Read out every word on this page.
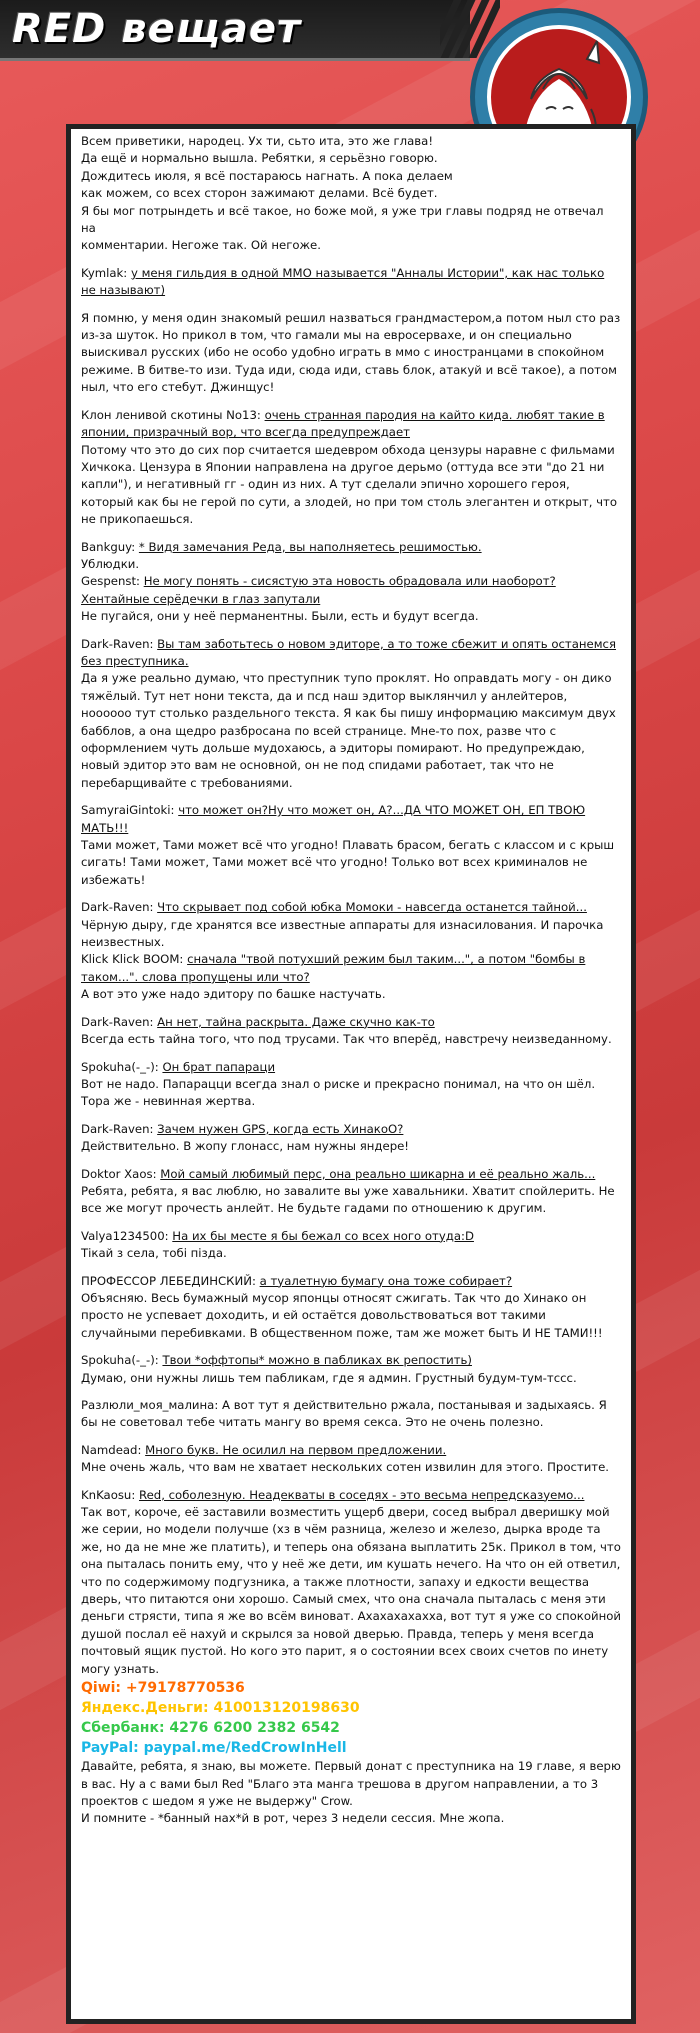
RED вещает

Всем приветики, народец. Ух ти, сьто ита, это же глава!
Да ещё и нормально вышла. Ребятки, я серьёзно говорю.
Дождитесь июля, я всё постараюсь нагнать. А пока делаем
как можем, со всех сторон зажимают делами. Всё будет.
Я бы мог потрындеть и всё такое, но боже мой, я уже три главы подряд не отвечал на
комментарии. Негоже так. Ой негоже.

Kymlak: у меня гильдия в одной ММО называется "Анналы Истории", как нас только не называют)

Я помню, у меня один знакомый решил назваться грандмастером,а потом ныл сто раз из-за шуток. Но прикол в том, что гамали мы на евросервахе, и он специально выискивал русских (ибо не особо удобно играть в ммо с иностранцами в спокойном режиме. В битве-то изи. Туда иди, сюда иди, ставь блок, атакуй и всё такое), а потом ныл, что его стебут. Джинщус!

Клон ленивой скотины No13: очень странная пародия на кайто кида. любят такие в японии, призрачный вор, что всегда предупреждает
Потому что это до сих пор считается шедевром обхода цензуры наравне с фильмами Хичкока. Цензура в Японии направлена на другое дерьмо (оттуда все эти "до 21 ни капли"), и негативный гг - один из них. А тут сделали эпично хорошего героя, который как бы не герой по сути, а злодей, но при том столь элегантен и открыт, что не прикопаешься.

Bankguy: * Видя замечания Реда, вы наполняетесь решимостью.
Ублюдки.
Gespenst: Не могу понять - сисястую эта новость обрадовала или наоборот? Хентайные серёдечки в глаз запутали
Не пугайся, они у неё перманентны. Были, есть и будут всегда.

Dark-Raven: Вы там заботьтесь о новом эдиторе, а то тоже сбежит и опять останемся без преступника.
Да я уже реально думаю, что преступник тупо проклят. Но оправдать могу - он дико тяжёлый. Тут нет нони текста, да и псд наш эдитор выклянчил у анлейтеров, нооoooo тут столько раздельного текста. Я как бы пишу информацию максимум двух бабблов, а она щедро разбросана по всей странице. Мне-то пох, разве что с оформлением чуть дольше мудохаюсь, а эдиторы помирают. Но предупреждаю, новый эдитор это вам не основной, он не под спидами работает, так что не перебарщивайте с требованиями.

SamyraiGintoki: что может он?Ну что может он, А?...ДА ЧТО МОЖЕТ ОН, ЕП ТВОЮ МАТЬ!!!
Тами может, Тами может всё что угодно! Плавать брасом, бегать с классом и с крыш сигать! Тами может, Тами может всё что угодно! Только вот всех криминалов не избежать!

Dark-Raven: Что скрывает под собой юбка Момоки - навсегда останется тайной...
Чёрную дыру, где хранятся все известные аппараты для изнасилования. И парочка неизвестных.
Klick Klick BOOM: сначала "твой потухший режим был таким...", а потом "бомбы в таком...". слова пропущены или что?
А вот это уже надо эдитору по башке настучать.

Dark-Raven: Ан нет, тайна раскрыта. Даже скучно как-то
Всегда есть тайна того, что под трусами. Так что вперёд, навстречу неизведанному.

Spokuha(-_-): Он брат папараци
Вот не надо. Папарацци всегда знал о риске и прекрасно понимал, на что он шёл. Тора же - невинная жертва.

Dark-Raven: Зачем нужен GPS, когда есть ХинакоО?
Действительно. В жопу глонасс, нам нужны яндере!

Doktor Хаоs: Мой самый любимый перс, она реально шикарна и её реально жаль...
Ребята, ребята, я вас люблю, но завалите вы уже хавальники. Хватит спойлерить. Не все же могут прочесть анлейт. Не будьте гадами по отношению к другим.

Valya1234500: На их бы месте я бы бежал со всех ного отуда:D
Тікай з села, тобі пізда.

ПРОФЕССОР ЛЕБЕДИНСКИЙ: а туалетную бумагу она тоже собирает?
Объясняю. Весь бумажный мусор японцы относят сжигать. Так что до Хинако он просто не успевает доходить, и ей остаётся довольствоваться вот такими случайными перебивками. В общественном поже, там же может быть И НЕ ТАМИ!!!

Spokuha(-_-): Твои *оффтопы* можно в пабликах вк репостить)
Думаю, они нужны лишь тем пабликам, где я админ. Грустный будум-тум-тссс.

Разлюли_моя_малина: А вот тут я действительно ржала, постанывая и задыхаясь. Я бы не советовал тебе читать мангу во время секса. Это не очень полезно.

Namdead: Много букв. Не осилил на первом предложении.
Мне очень жаль, что вам не хватает нескольких сотен извилин для этого. Простите.

KnKaosu: Red, соболезную. Неадекваты в соседях - это весьма непредсказуемо...
Так вот, короче, её заставили возместить ущерб двери, сосед выбрал дверишку мой же серии, но модели получше (хз в чём разница, железо и железо, дырка вроде та же, но да не мне же платить), и теперь она обязана выплатить 25к. Прикол в том, что она пыталась понить ему, что у неё же дети, им кушать нечего. На что он ей ответил, что по содержимому подгузника, а также плотности, запаху и едкости вещества дверь, что питаются они хорошо. Самый смех, что она сначала пыталась с меня эти деньги стрясти, типа я же во всём виноват. Ахахахахахха, вот тут я уже со спокойной душой послал её нахуй и скрылся за новой дверью. Правда, теперь у меня всегда почтовый ящик пустой. Но кого это парит, я о состоянии всех своих счетов по инету могу узнать.

Qiwi: +79178770536

Яндекс.Деньги: 410013120198630

Сбербанк: 4276 6200 2382 6542

PayPal: paypal.me/RedCrowInHell

Давайте, ребята, я знаю, вы можете. Первый донат с преступника на 19 главе, я верю в вас. Ну а с вами был Red "Благо эта манга трешова в другом направлении, а то 3 проектов с шедом я уже не выдержу" Crow.

И помните - *банный нах*й в рот, через 3 недели сессия. Мне жопа.
